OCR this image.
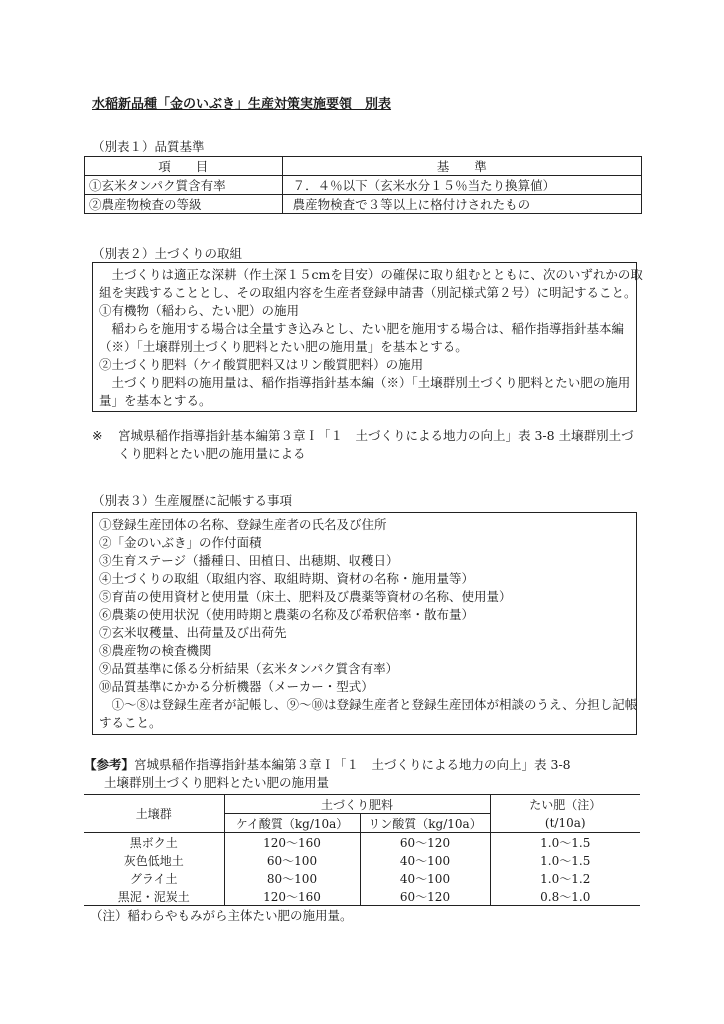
水稲新品種「金のいぶき」生産対策実施要領　別表
（別表１）品質基準
項　　目	基　　準
①玄米タンパク質含有率	７．４％以下（玄米水分１５％当たり換算値）
②農産物検査の等級	農産物検査で３等以上に格付けされたもの
（別表２）土づくりの取組
　土づくりは適正な深耕（作土深１５cmを目安）の確保に取り組むとともに、次のいずれかの取
組を実践することとし、その取組内容を生産者登録申請書（別記様式第２号）に明記すること。
①有機物（稲わら、たい肥）の施用
　稲わらを施用する場合は全量すき込みとし、たい肥を施用する場合は、稲作指導指針基本編
（※）「土壌群別土づくり肥料とたい肥の施用量」を基本とする。
②土づくり肥料（ケイ酸質肥料又はリン酸質肥料）の施用
　土づくり肥料の施用量は、稲作指導指針基本編（※）「土壌群別土づくり肥料とたい肥の施用
量」を基本とする。
※ 宮城県稲作指導指針基本編第３章Ｉ「１　土づくりによる地力の向上」表 3-8 土壌群別土づ
くり肥料とたい肥の施用量による
（別表３）生産履歴に記帳する事項
①登録生産団体の名称、登録生産者の氏名及び住所
②「金のいぶき」の作付面積
③生育ステージ（播種日、田植日、出穂期、収穫日）
④土づくりの取組（取組内容、取組時期、資材の名称・施用量等）
⑤育苗の使用資材と使用量（床土、肥料及び農薬等資材の名称、使用量）
⑥農薬の使用状況（使用時期と農薬の名称及び希釈倍率・散布量）
⑦玄米収穫量、出荷量及び出荷先
⑧農産物の検査機関
⑨品質基準に係る分析結果（玄米タンパク質含有率）
⑩品質基準にかかる分析機器（メーカー・型式）
　①～⑧は登録生産者が記帳し、⑨～⑩は登録生産者と登録生産団体が相談のうえ、分担し記帳
すること。
【参考】宮城県稲作指導指針基本編第３章Ｉ「１　土づくりによる地力の向上」表 3-8
土壌群別土づくり肥料とたい肥の施用量
土壌群	土づくり肥料		たい肥（注）
	ケイ酸質（kg/10a）	リン酸質（kg/10a）	(t/10a)
黒ボク土	120～160	60～120	1.0～1.5
灰色低地土	60～100	40～100	1.0～1.5
グライ土	80～100	40～100	1.0～1.2
黒泥・泥炭土	120～160	60～120	0.8～1.0
（注）稲わらやもみがら主体たい肥の施用量。
